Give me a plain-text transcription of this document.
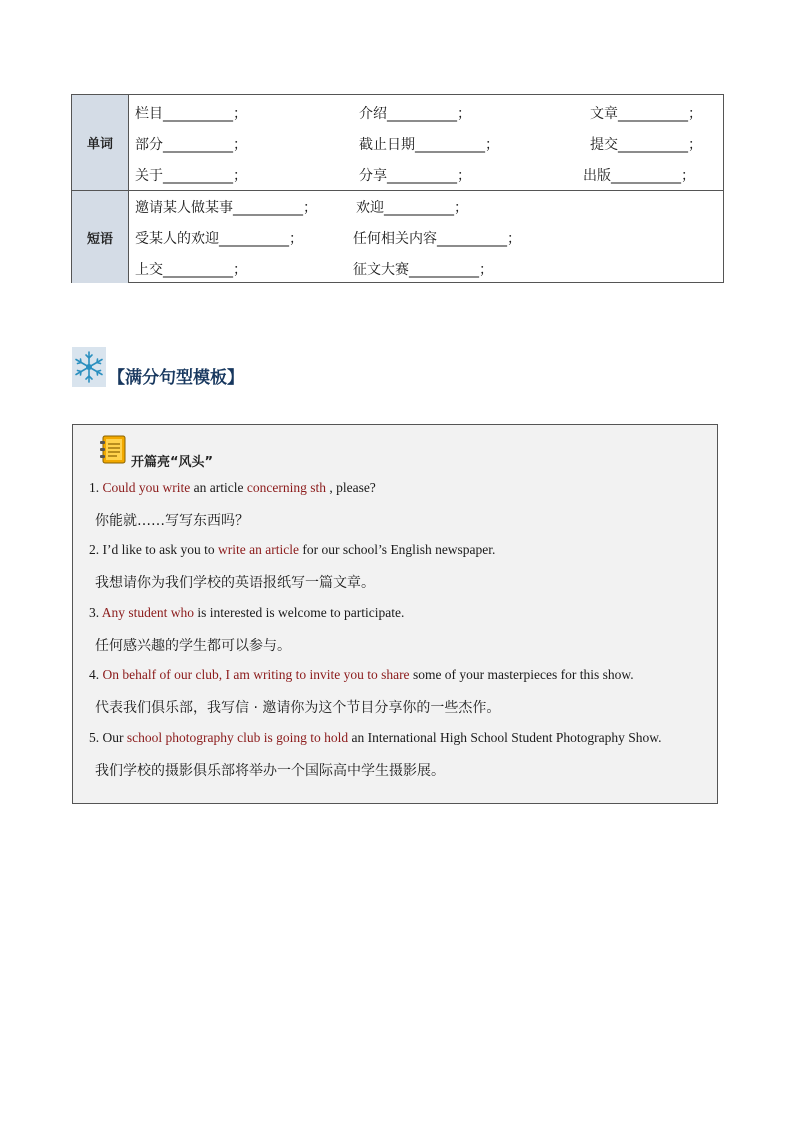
单词
栏目__________；	介绍__________；	文章__________；
部分__________；	截止日期__________；	提交__________；
关于__________；	分享__________；	出版__________；
短语
邀请某人做某事__________；	欢迎__________；
受某人的欢迎__________；	任何相关内容__________；
上交__________；	征文大赛__________；
【满分句型模板】
开篇亮“风头”
1. Could you write an article concerning sth , please?
你能就……写写东西吗？
2. I’d like to ask you to write an article for our school’s English newspaper.
我想请你为我们学校的英语报纸写一篇文章。
3. Any student who is interested is welcome to participate.
任何感兴趣的学生都可以参与。
4. On behalf of our club, I am writing to invite you to share some of your masterpieces for this show.
代表我们俱乐部，我写信 · 邀请你为这个节目分享你的一些杰作。
5. Our school photography club is going to hold an International High School Student Photography Show.
我们学校的摄影俱乐部将举办一个国际高中学生摄影展。
